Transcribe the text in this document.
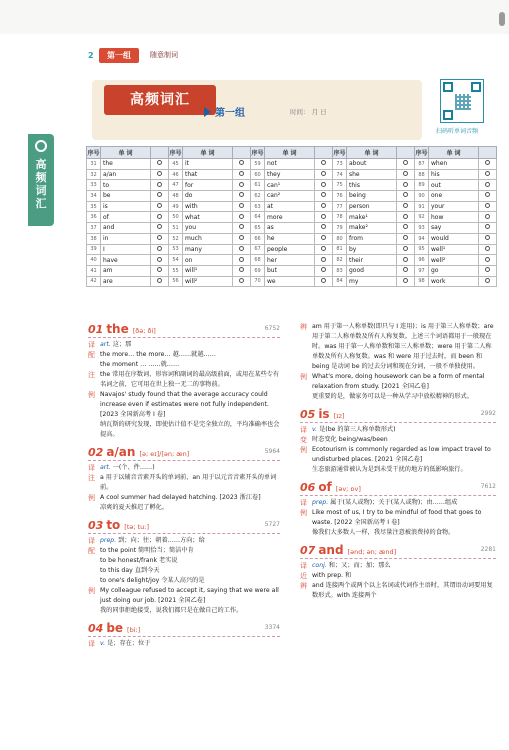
2	第一组	随意制词
高频词汇
第一组	时间： 月 日
扫码听单词音频
高频词汇
序号	单 词		序号	单 词		序号	单 词		序号	单 词		序号	单 词	
31	the		45	it		59	not		73	about		87	when	
32	a/an		46	that		60	they		74	she		88	his	
33	to		47	for		61	can¹		75	this		89	out	
34	be		48	do		62	can²		76	being		90	one	
35	is		49	with		63	at		77	person		91	your	
36	of		50	what		64	more		78	make¹		92	how	
37	and		51	you		65	as		79	make²		93	say	
38	in		52	much		66	he		80	from		94	would	
39	I		53	many		67	people		81	by		95	well¹	
40	have		54	on		68	her		82	their		96	well²	
41	am		55	will¹		69	but		83	good		97	go	
42	are		56	will²		70	we		84	my		98	work	
01 the [ðə; ði]	6752
译 art. 这；那
配 the more… the more… 越……就越……
the moment … ……就……
注 the 常用在序数词、形容词和副词的最高级前面，或用在某些专有名词之前，它可用在世上独一无二的事物前。
例 Navajos' study found that the average accuracy could increase even if estimates were not fully independent. [2023 全国新高考 I 卷]
纳瓦斯的研究发现，即使估计值不是完全独立的，平均准确率也会提高。
02 a/an [ə; eɪ]/[ən; æn]	5964
译 art. 一(个、件……)
注 a 用于以辅音音素开头的单词前，an 用于以元音音素开头的单词前。
例 A cool summer had delayed hatching. [2023 浙江卷]
凉爽的夏天推迟了孵化。
03 to [tə; tuː]	5727
译 prep. 到；向；往；朝着……方向；给
配 to the point 简明恰当；简洁中肯
to be honest/frank 老实说
to this day 直到今天
to one's delight/joy 令某人高兴的是
例 My colleague refused to accept it, saying that we were all just doing our job. [2021 全国乙卷]
我的同事拒绝接受，说我们都只是在做自己的工作。
04 be [biː]	3374
译 v. 是；存在；位于
辨 am 用于第一人称单数(即只与 I 连用)；is 用于第三人称单数；are 用于第二人称单数及所有人称复数。上述三个词语都用于一般现在时。was 用于第一人称单数和第三人称单数；were 用于第二人称单数及所有人称复数。was 和 were 用于过去时，而 been 和 being 是动词 be 的过去分词和现在分词，一般不单独使用。
例 What's more, doing housework can be a form of mental relaxation from study. [2021 全国乙卷]
更重要的是，做家务可以是一种从学习中放松精神的形式。
05 is [ɪz]	2992
译 v. 是(be 的第三人称单数形式)
变 时态变化 being/was/been
例 Ecotourism is commonly regarded as low impact travel to undisturbed places. [2021 全国乙卷]
生态旅游通常被认为是到未受干扰的地方的低影响旅行。
06 of [əv; ɒv]	7612
译 prep. 属于(某人或物)；关于(某人或物)；由……组成
例 Like most of us, I try to be mindful of food that goes to waste. [2022 全国新高考 I 卷]
像我们大多数人一样，我尽量注意被浪费掉的食物。
07 and [ənd; ən; ænd]	2281
译 conj. 和；又；而；加；那么
近 with prep. 和
辨 and 连接两个或两个以上名词或代词作主语时，其谓语动词要用复数形式。with 连接两个
